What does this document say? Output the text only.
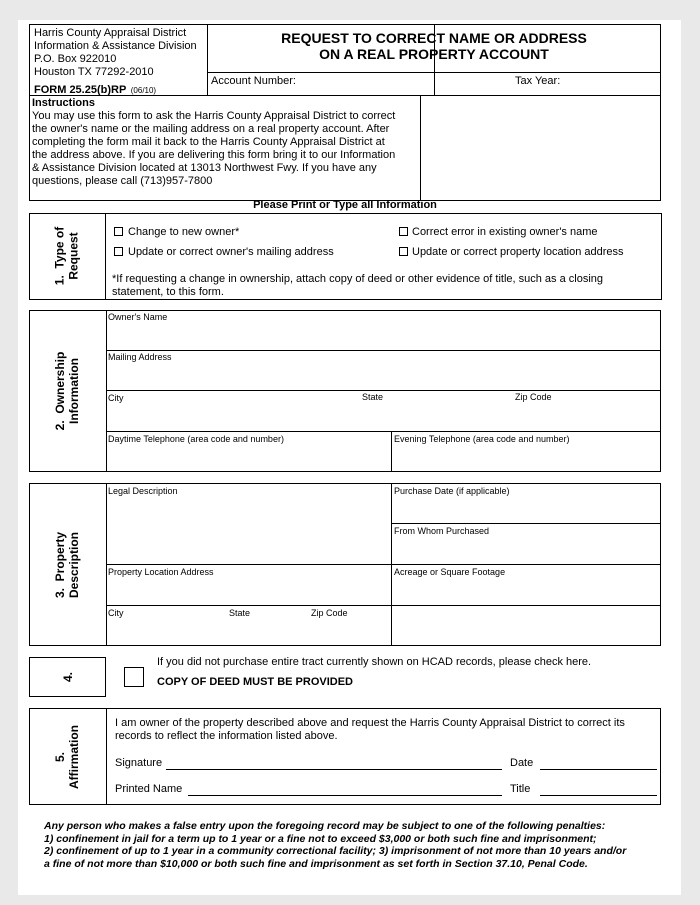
Harris County Appraisal District
Information & Assistance Division
P.O. Box 922010
Houston TX 77292-2010
FORM 25.25(b)RP (06/10)
REQUEST TO CORRECT NAME OR ADDRESS
ON A REAL PROPERTY ACCOUNT
Account Number:	Tax Year:
Instructions
You may use this form to ask the Harris County Appraisal District to correct
the owner's name or the mailing address on a real property account. After
completing the form mail it back to the Harris County Appraisal District at
the address above. If you are delivering this form bring it to our Information
& Assistance Division located at 13013 Northwest Fwy. If you have any
questions, please call (713)957-7800
Please Print or Type all Information
1.  Type of Request
Change to new owner*	Correct error in existing owner's name
Update or correct owner's mailing address	Update or correct property location address
*If requesting a change in ownership, attach copy of deed or other evidence of title, such as a closing
statement, to this form.
2.  Ownership Information
Owner's Name
Mailing Address
City	State	Zip Code
Daytime Telephone (area code and number)	Evening Telephone (area code and number)
3.  Property Description
Legal Description	Purchase Date (if applicable)
From Whom Purchased
Property Location Address	Acreage or Square Footage
City	State	Zip Code
4.
If you did not purchase entire tract currently shown on HCAD records, please check here.
COPY OF DEED MUST BE PROVIDED
5. Affirmation
I am owner of the property described above and request the Harris County Appraisal District to correct its
records to reflect the information listed above.
Signature	Date
Printed Name	Title
Any person who makes a false entry upon the foregoing record may be subject to one of the following penalties:
1) confinement in jail for a term up to 1 year or a fine not to exceed $3,000 or both such fine and imprisonment;
2) confinement of up to 1 year in a community correctional facility; 3) imprisonment of not more than 10 years and/or
a fine of not more than $10,000 or both such fine and imprisonment as set forth in Section 37.10, Penal Code.
